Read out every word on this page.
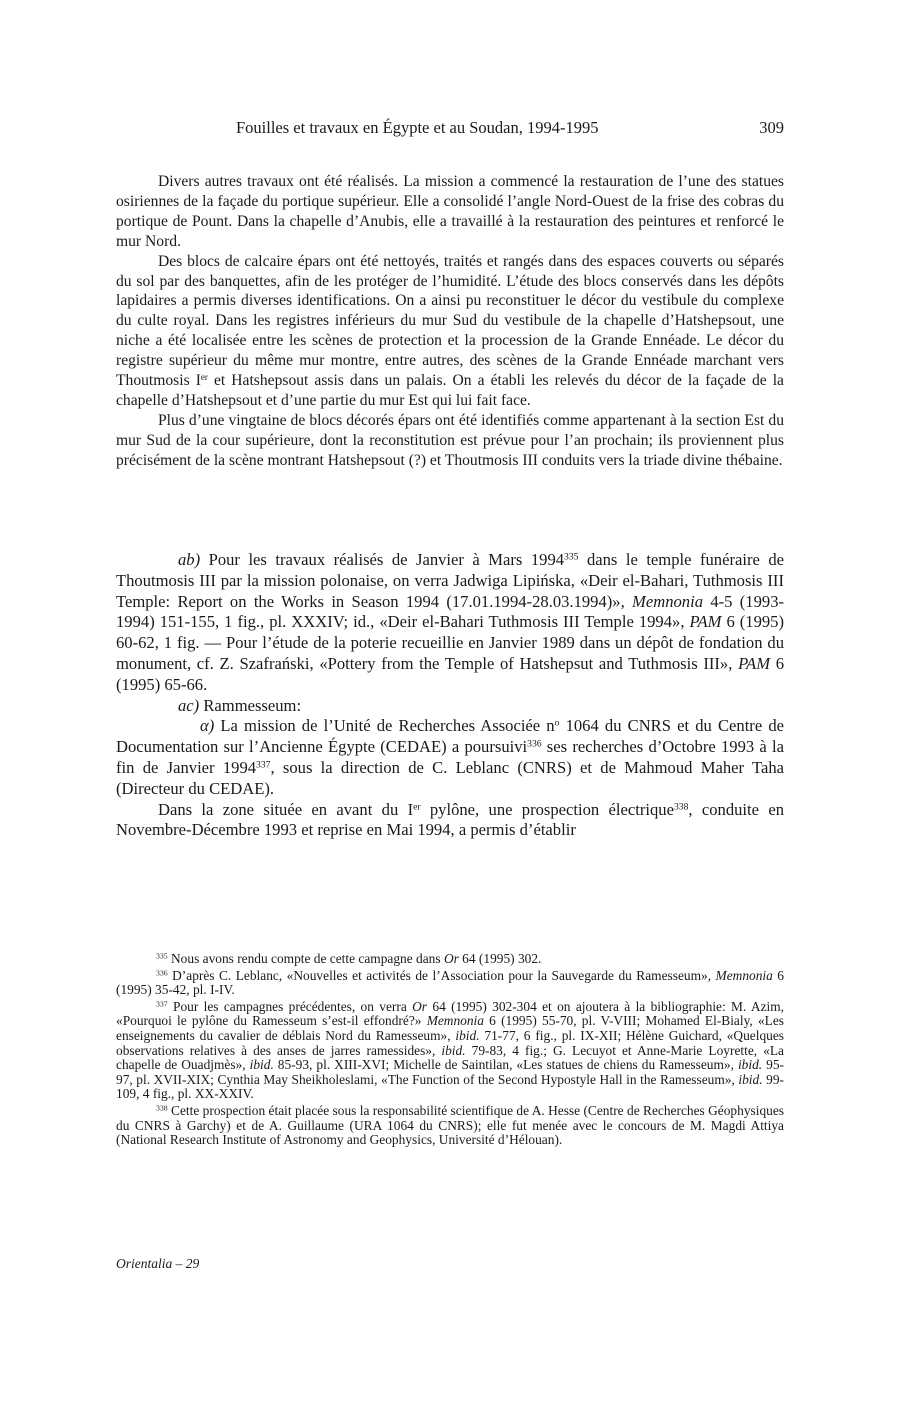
Fouilles et travaux en Égypte et au Soudan, 1994-1995	309

Divers autres travaux ont été réalisés. La mission a commencé la restauration de l’une des statues osiriennes de la façade du portique supérieur. Elle a consolidé l’angle Nord-Ouest de la frise des cobras du portique de Pount. Dans la chapelle d’Anubis, elle a travaillé à la restauration des peintures et renforcé le mur Nord.

Des blocs de calcaire épars ont été nettoyés, traités et rangés dans des espaces couverts ou séparés du sol par des banquettes, afin de les protéger de l’humidité. L’étude des blocs conservés dans les dépôts lapidaires a permis diverses identifications. On a ainsi pu reconstituer le décor du vestibule du complexe du culte royal. Dans les registres inférieurs du mur Sud du vestibule de la chapelle d’Hatshepsout, une niche a été localisée entre les scènes de protection et la procession de la Grande Ennéade. Le décor du registre supérieur du même mur montre, entre autres, des scènes de la Grande Ennéade marchant vers Thoutmosis Ier et Hatshepsout assis dans un palais. On a établi les relevés du décor de la façade de la chapelle d’Hatshepsout et d’une partie du mur Est qui lui fait face.

Plus d’une vingtaine de blocs décorés épars ont été identifiés comme appartenant à la section Est du mur Sud de la cour supérieure, dont la reconstitution est prévue pour l’an prochain; ils proviennent plus précisément de la scène montrant Hatshepsout (?) et Thoutmosis III conduits vers la triade divine thébaine.

ab) Pour les travaux réalisés de Janvier à Mars 1994$^{335}$ dans le temple funéraire de Thoutmosis III par la mission polonaise, on verra Jadwiga Lipińska, «Deir el-Bahari, Tuthmosis III Temple: Report on the Works in Season 1994 (17.01.1994-28.03.1994)», Memnonia 4-5 (1993-1994) 151-155, 1 fig., pl. XXXIV; id., «Deir el-Bahari Tuthmosis III Temple 1994», PAM 6 (1995) 60-62, 1 fig. — Pour l’étude de la poterie recueillie en Janvier 1989 dans un dépôt de fondation du monument, cf. Z. Szafrański, «Pottery from the Temple of Hatshepsut and Tuthmosis III», PAM 6 (1995) 65-66.

ac) Rammesseum:

α) La mission de l’Unité de Recherches Associée $n^o$ 1064 du CNRS et du Centre de Documentation sur l’Ancienne Égypte (CEDAE) a poursuivi$^{336}$ ses recherches d’Octobre 1993 à la fin de Janvier 1994$^{337}$, sous la direction de C. Leblanc (CNRS) et de Mahmoud Maher Taha (Directeur du CEDAE).

Dans la zone située en avant du Ier pylône, une prospection électrique$^{338}$, conduite en Novembre-Décembre 1993 et reprise en Mai 1994, a permis d’établir

$^{335}$ Nous avons rendu compte de cette campagne dans Or 64 (1995) 302.

$^{336}$ D’après C. Leblanc, «Nouvelles et activités de l’Association pour la Sauvegarde du Ramesseum», Memnonia 6 (1995) 35-42, pl. I-IV.

$^{337}$ Pour les campagnes précédentes, on verra Or 64 (1995) 302-304 et on ajoutera à la bibliographie: M. Azim, «Pourquoi le pylône du Ramesseum s’est-il effondré?» Memnonia 6 (1995) 55-70, pl. V-VIII; Mohamed El-Bialy, «Les enseignements du cavalier de déblais Nord du Ramesseum», ibid. 71-77, 6 fig., pl. IX-XII; Hélène Guichard, «Quelques observations relatives à des anses de jarres ramessides», ibid. 79-83, 4 fig.; G. Lecuyot et Anne-Marie Loyrette, «La chapelle de Ouadjmès», ibid. 85-93, pl. XIII-XVI; Michelle de Saintilan, «Les statues de chiens du Ramesseum», ibid. 95-97, pl. XVII-XIX; Cynthia May Sheikholeslami, «The Function of the Second Hypostyle Hall in the Ramesseum», ibid. 99-109, 4 fig., pl. XX-XXIV.

$^{338}$ Cette prospection était placée sous la responsabilité scientifique de A. Hesse (Centre de Recherches Géophysiques du CNRS à Garchy) et de A. Guillaume (URA 1064 du CNRS); elle fut menée avec le concours de M. Magdi Attiya (National Research Institute of Astronomy and Geophysics, Université d’Hélouan).

Orientalia – 29
